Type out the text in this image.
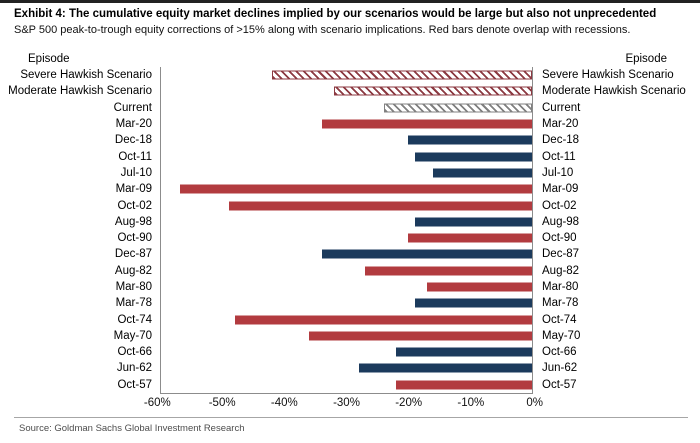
Exhibit 4: The cumulative equity market declines implied by our scenarios would be large but also not unprecedented
S&P 500 peak-to-trough equity corrections of >15% along with scenario implications. Red bars denote overlap with recessions.
Episode	Episode
Severe Hawkish Scenario	Severe Hawkish Scenario
Moderate Hawkish Scenario	Moderate Hawkish Scenario
Current	Current
Mar-20	Mar-20
Dec-18	Dec-18
Oct-11	Oct-11
Jul-10	Jul-10
Mar-09	Mar-09
Oct-02	Oct-02
Aug-98	Aug-98
Oct-90	Oct-90
Dec-87	Dec-87
Aug-82	Aug-82
Mar-80	Mar-80
Mar-78	Mar-78
Oct-74	Oct-74
May-70	May-70
Oct-66	Oct-66
Jun-62	Jun-62
Oct-57	Oct-57
-60%	-50%	-40%	-30%	-20%	-10%	0%
Source: Goldman Sachs Global Investment Research
